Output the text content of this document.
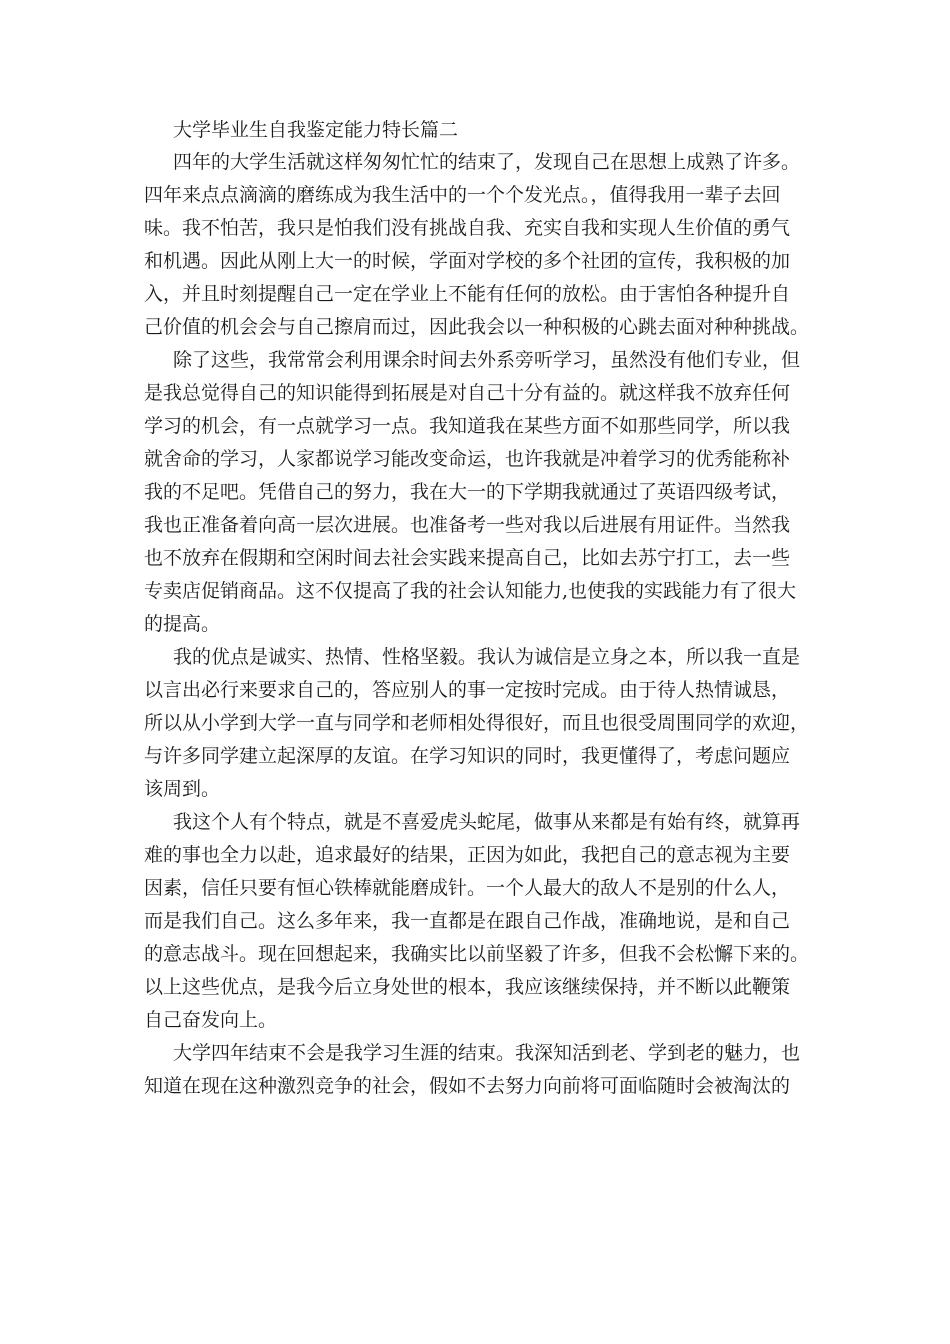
大学毕业生自我鉴定能力特长篇二
四年的大学生活就这样匆匆忙忙的结束了，发现自己在思想上成熟了许多。
四年来点点滴滴的磨练成为我生活中的一个个发光点。，值得我用一辈子去回
味。我不怕苦，我只是怕我们没有挑战自我、充实自我和实现人生价值的勇气
和机遇。因此从刚上大一的时候，学面对学校的多个社团的宣传，我积极的加
入，并且时刻提醒自己一定在学业上不能有任何的放松。由于害怕各种提升自
己价值的机会会与自己擦肩而过，因此我会以一种积极的心跳去面对种种挑战。
除了这些，我常常会利用课余时间去外系旁听学习，虽然没有他们专业，但
是我总觉得自己的知识能得到拓展是对自己十分有益的。就这样我不放弃任何
学习的机会，有一点就学习一点。我知道我在某些方面不如那些同学，所以我
就舍命的学习，人家都说学习能改变命运，也许我就是冲着学习的优秀能称补
我的不足吧。凭借自己的努力，我在大一的下学期我就通过了英语四级考试，
我也正准备着向高一层次进展。也准备考一些对我以后进展有用证件。当然我
也不放弃在假期和空闲时间去社会实践来提高自己，比如去苏宁打工，去一些
专卖店促销商品。这不仅提高了我的社会认知能力,也使我的实践能力有了很大
的提高。
我的优点是诚实、热情、性格坚毅。我认为诚信是立身之本，所以我一直是
以言出必行来要求自己的，答应别人的事一定按时完成。由于待人热情诚恳，
所以从小学到大学一直与同学和老师相处得很好，而且也很受周围同学的欢迎，
与许多同学建立起深厚的友谊。在学习知识的同时，我更懂得了，考虑问题应
该周到。
我这个人有个特点，就是不喜爱虎头蛇尾，做事从来都是有始有终，就算再
难的事也全力以赴，追求最好的结果，正因为如此，我把自己的意志视为主要
因素，信任只要有恒心铁棒就能磨成针。一个人最大的敌人不是别的什么人，
而是我们自己。这么多年来，我一直都是在跟自己作战，准确地说，是和自己
的意志战斗。现在回想起来，我确实比以前坚毅了许多，但我不会松懈下来的。
以上这些优点，是我今后立身处世的根本，我应该继续保持，并不断以此鞭策
自己奋发向上。
大学四年结束不会是我学习生涯的结束。我深知活到老、学到老的魅力，也
知道在现在这种激烈竞争的社会，假如不去努力向前将可面临随时会被淘汰的
